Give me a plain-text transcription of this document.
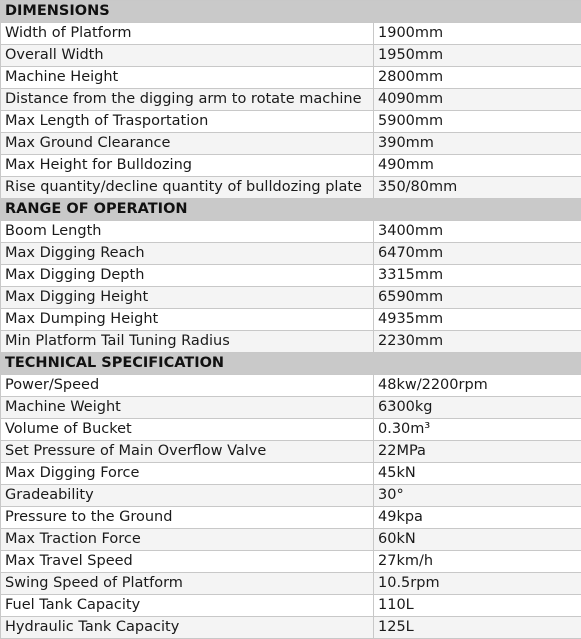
DIMENSIONS	
Width of Platform	1900mm
Overall Width	1950mm
Machine Height	2800mm
Distance from the digging arm to rotate machine	4090mm
Max Length of Trasportation	5900mm
Max Ground Clearance	390mm
Max Height for Bulldozing	490mm
Rise quantity/decline quantity of bulldozing plate	350/80mm
RANGE OF OPERATION	
Boom Length	3400mm
Max Digging Reach	6470mm
Max Digging Depth	3315mm
Max Digging Height	6590mm
Max Dumping Height	4935mm
Min Platform Tail Tuning Radius	2230mm
TECHNICAL SPECIFICATION	
Power/Speed	48kw/2200rpm
Machine Weight	6300kg
Volume of Bucket	0.30m³
Set Pressure of Main Overflow Valve	22MPa
Max Digging Force	45kN
Gradeability	30°
Pressure to the Ground	49kpa
Max Traction Force	60kN
Max Travel Speed	27km/h
Swing Speed of Platform	10.5rpm
Fuel Tank Capacity	110L
Hydraulic Tank Capacity	125L
